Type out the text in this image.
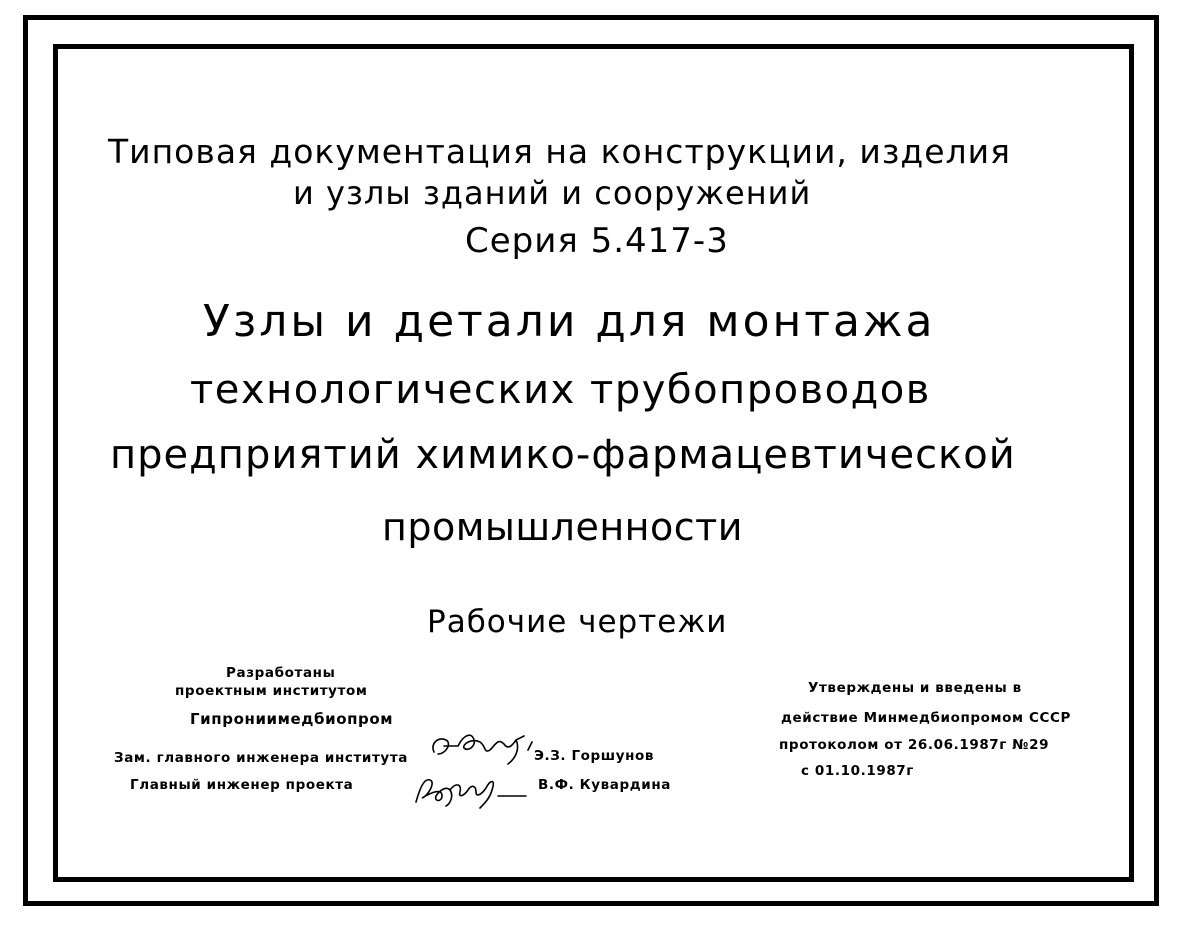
Типовая документация на конструкции, изделия
и узлы зданий и сооружений
Серия 5.417-3
Узлы и детали для монтажа
технологических трубопроводов
предприятий химико-фармацевтической
промышленности
Рабочие чертежи
Разработаны
проектным институтом
Гипрониимедбиопром
Зам. главного инженера института
Главный инженер проекта
Э.З. Горшунов
В.Ф. Кувардина
Утверждены и введены в
действие Минмедбиопромом СССР
протоколом от 26.06.1987г №29
с 01.10.1987г
